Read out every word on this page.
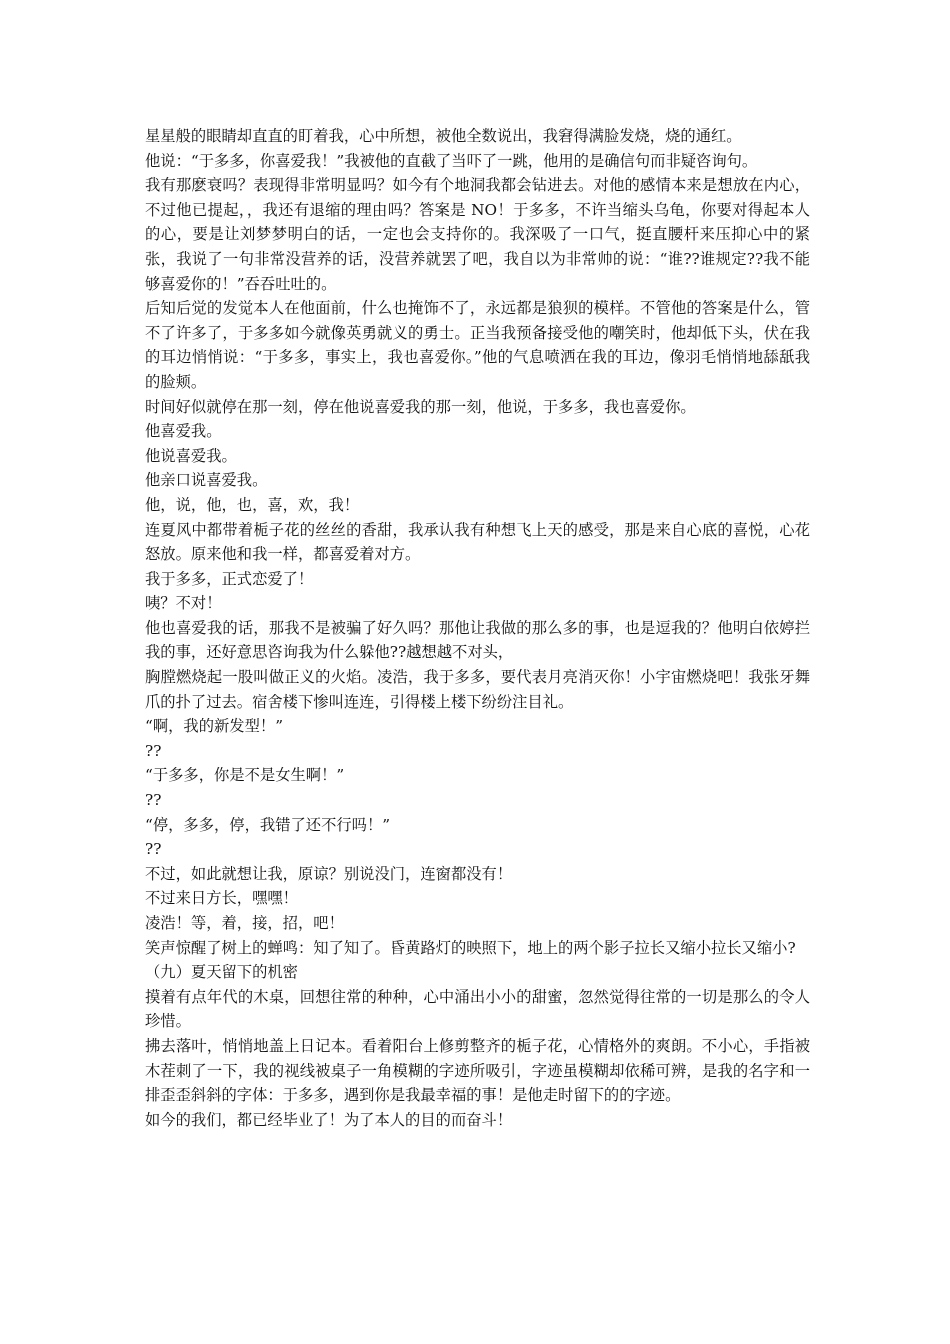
星星般的眼睛却直直的盯着我，心中所想，被他全数说出，我窘得满脸发烧，烧的通红。

他说：“于多多，你喜爱我！”我被他的直截了当吓了一跳，他用的是确信句而非疑咨询句。

我有那麽衰吗？表现得非常明显吗？如今有个地洞我都会钻进去。对他的感情本来是想放在内心，不过他已提起，，我还有退缩的理由吗？答案是 NO！于多多，不许当缩头乌龟，你要对得起本人的心，要是让刘梦梦明白的话，一定也会支持你的。我深吸了一口气，挺直腰杆来压抑心中的紧张，我说了一句非常没营养的话，没营养就罢了吧，我自以为非常帅的说：“谁??谁规定??我不能够喜爱你的！”吞吞吐吐的。

后知后觉的发觉本人在他面前，什么也掩饰不了，永远都是狼狈的模样。不管他的答案是什么，管不了许多了，于多多如今就像英勇就义的勇士。正当我预备接受他的嘲笑时，他却低下头，伏在我的耳边悄悄说：“于多多，事实上，我也喜爱你。”他的气息喷洒在我的耳边，像羽毛悄悄地舔舐我的脸颊。

时间好似就停在那一刻，停在他说喜爱我的那一刻，他说，于多多，我也喜爱你。

他喜爱我。

他说喜爱我。

他亲口说喜爱我。

他，说，他，也，喜，欢，我！

连夏风中都带着栀子花的丝丝的香甜，我承认我有种想飞上天的感受，那是来自心底的喜悦，心花怒放。原来他和我一样，都喜爱着对方。

我于多多，正式恋爱了！

咦？不对！

他也喜爱我的话，那我不是被骗了好久吗？那他让我做的那么多的事，也是逗我的？他明白依婷拦我的事，还好意思咨询我为什么躲他??越想越不对头，

胸膛燃烧起一股叫做正义的火焰。凌浩，我于多多，要代表月亮消灭你！小宇宙燃烧吧！我张牙舞爪的扑了过去。宿舍楼下惨叫连连，引得楼上楼下纷纷注目礼。

“啊，我的新发型！”

??

“于多多，你是不是女生啊！”

??

“停，多多，停，我错了还不行吗！”

??

不过，如此就想让我，原谅？别说没门，连窗都没有！

不过来日方长，嘿嘿！

凌浩！等，着，接，招，吧！

笑声惊醒了树上的蝉鸣：知了知了。昏黄路灯的映照下，地上的两个影子拉长又缩小拉长又缩小?

（九）夏天留下的机密

摸着有点年代的木桌，回想往常的种种，心中涌出小小的甜蜜，忽然觉得往常的一切是那么的令人珍惜。

拂去落叶，悄悄地盖上日记本。看着阳台上修剪整齐的栀子花，心情格外的爽朗。不小心，手指被木茬刺了一下，我的视线被桌子一角模糊的字迹所吸引，字迹虽模糊却依稀可辨，是我的名字和一排歪歪斜斜的字体：于多多，遇到你是我最幸福的事！是他走时留下的的字迹。

如今的我们，都已经毕业了！为了本人的目的而奋斗！
